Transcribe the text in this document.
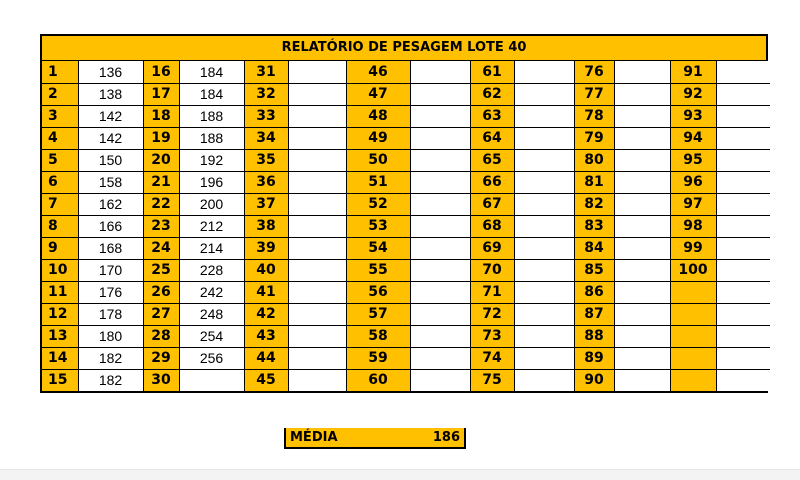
RELATÓRIO DE PESAGEM LOTE 40
1	136	16	184	31		46		61		76		91	
2	138	17	184	32		47		62		77		92	
3	142	18	188	33		48		63		78		93	
4	142	19	188	34		49		64		79		94	
5	150	20	192	35		50		65		80		95	
6	158	21	196	36		51		66		81		96	
7	162	22	200	37		52		67		82		97	
8	166	23	212	38		53		68		83		98	
9	168	24	214	39		54		69		84		99	
10	170	25	228	40		55		70		85		100	
11	176	26	242	41		56		71		86			
12	178	27	248	42		57		72		87			
13	180	28	254	43		58		73		88			
14	182	29	256	44		59		74		89			
15	182	30		45		60		75		90			
MÉDIA	186
